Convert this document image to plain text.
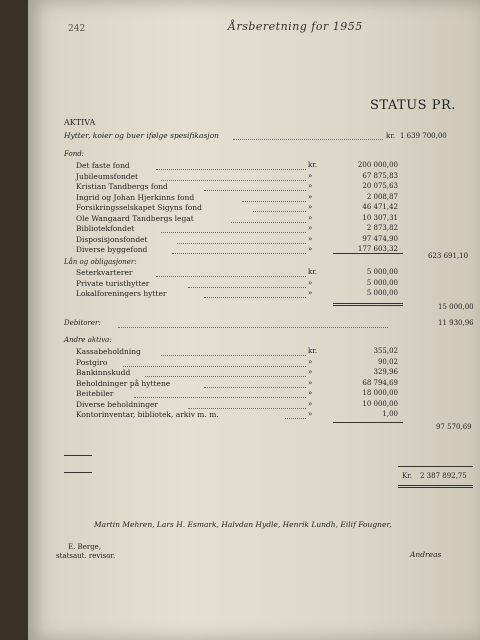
242	Årsberetning for 1955
STATUS PR.
AKTIVA
Hytter, koier og buer ifølge spesifikasjon	kr. 1 639 700,00
Fond:
Det faste fond	kr.	200 000,00
Jubileumsfondet	»	67 875,83
Kristian Tandbergs fond	»	20 075,63
Ingrid og Johan Hjerkinns fond	»	2 008,87
Forsikringsselskapet Sigyns fond	»	46 471,42
Ole Wangaard Tandbergs legat	»	10 307,31
Bibliotekfondet	»	2 873,82
Disposisjonsfondet	»	97 474,90
Diverse byggefond	»	177 603,32
623 691,10
Lån og obligasjoner:
Seterkvarterer	kr.	5 000,00
Private turisthytter	»	5 000,00
Lokalforeningers hytter	»	5 000,00
15 000,00
Debitorer:	11 930,96
Andre aktiva:
Kassabeholdning	kr.	355,02
Postgiro	»	90,02
Bankinnskudd	»	329,96
Beholdninger på hyttene	»	68 794,69
Beitebiler	»	18 000,00
Diverse beholdninger	»	10 000,00
Kontorinventar, bibliotek, arkiv m. m.	»	1,00
97 570,69
Kr. 2 387 892,75
Martin Mehren, Lars H. Esmark, Halvdan Hydle, Henrik Lundh, Eilif Fougner,
E. Berge,
statsaut. revisor.	Andreas
